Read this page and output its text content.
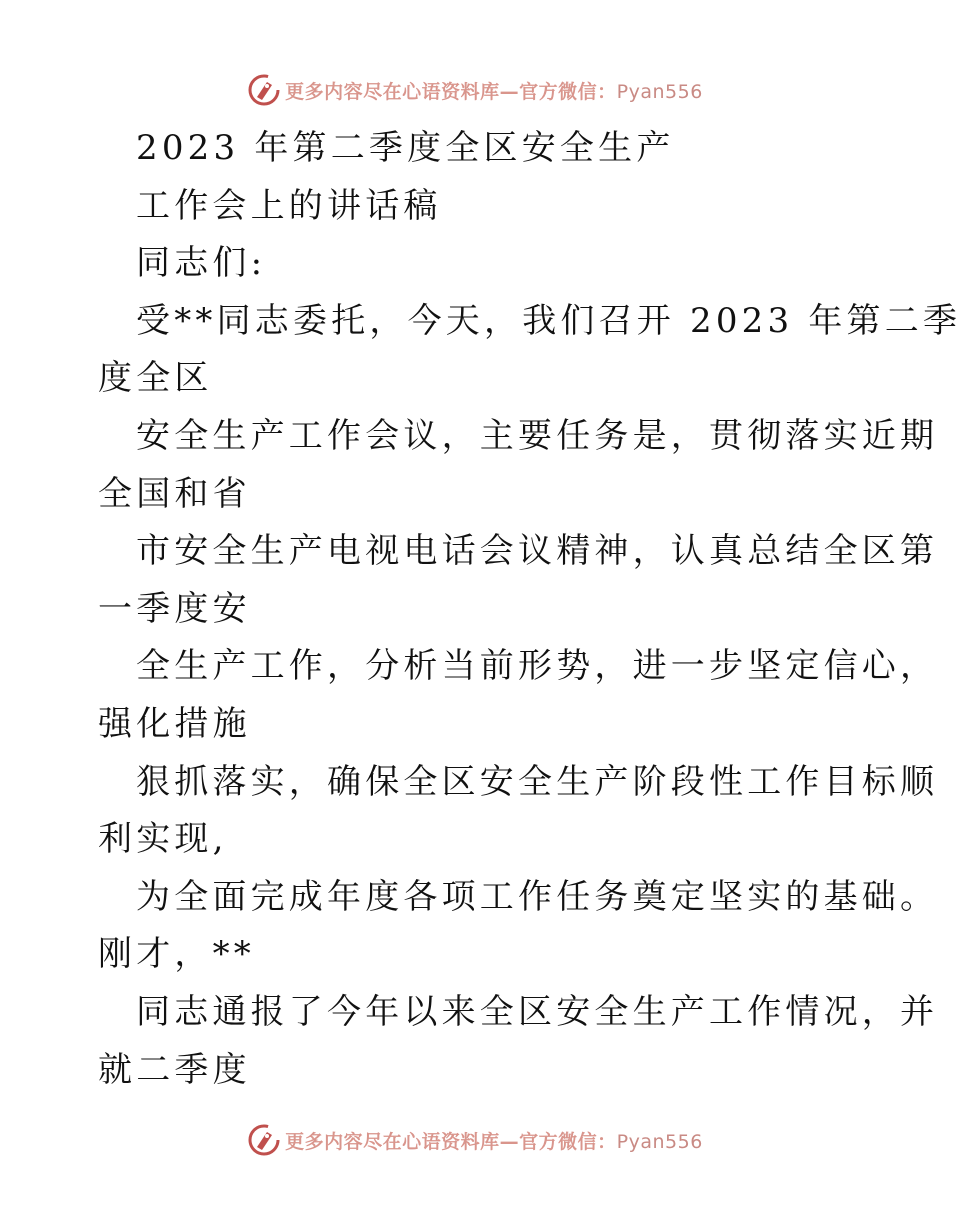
更多内容尽在心语资料库—官方微信：Pyan556
2023 年第二季度全区安全生产
工作会上的讲话稿
同志们:
受**同志委托，今天，我们召开 2023 年第二季
度全区
安全生产工作会议，主要任务是，贯彻落实近期
全国和省
市安全生产电视电话会议精神，认真总结全区第
一季度安
全生产工作，分析当前形势，进一步坚定信心，
强化措施
狠抓落实，确保全区安全生产阶段性工作目标顺
利实现,
为全面完成年度各项工作任务奠定坚实的基础。
刚才，**
同志通报了今年以来全区安全生产工作情况，并
就二季度
更多内容尽在心语资料库—官方微信：Pyan556
